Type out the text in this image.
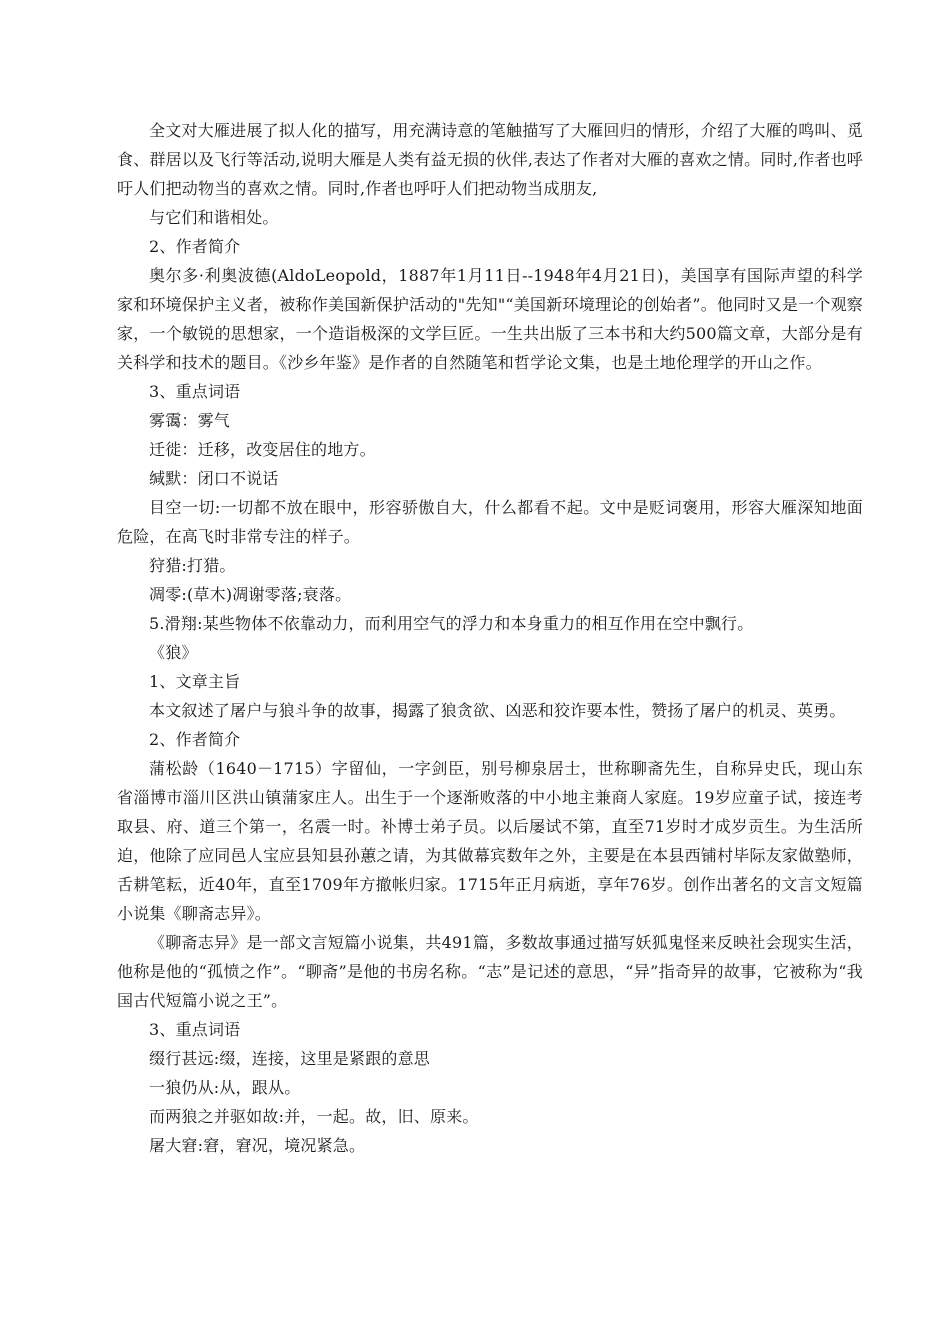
全文对大雁进展了拟人化的描写，用充满诗意的笔触描写了大雁回归的情形，介绍了大雁的鸣叫、觅食、群居以及飞行等活动,说明大雁是人类有益无损的伙伴,表达了作者对大雁的喜欢之情。同时,作者也呼吁人们把动物当的喜欢之情。同时,作者也呼吁人们把动物当成朋友,

与它们和谐相处。

2、作者简介

奥尔多·利奥波德(AldoLeopold，1887年1月11日--1948年4月21日)，美国享有国际声望的科学家和环境保护主义者，被称作美国新保护活动的"先知"“美国新环境理论的创始者”。他同时又是一个观察家，一个敏锐的思想家，一个造诣极深的文学巨匠。一生共出版了三本书和大约500篇文章，大部分是有关科学和技术的题目。《沙乡年鉴》是作者的自然随笔和哲学论文集，也是土地伦理学的开山之作。

3、重点词语

雾霭：雾气

迁徙：迁移，改变居住的地方。

缄默：闭口不说话

目空一切:一切都不放在眼中，形容骄傲自大，什么都看不起。文中是贬词褒用，形容大雁深知地面危险，在高飞时非常专注的样子。

狩猎:打猎。

凋零:(草木)凋谢零落;衰落。

5.滑翔:某些物体不依靠动力，而利用空气的浮力和本身重力的相互作用在空中飘行。

《狼》

1、文章主旨

本文叙述了屠户与狼斗争的故事，揭露了狼贪欲、凶恶和狡诈要本性，赞扬了屠户的机灵、英勇。

2、作者简介

蒲松龄（1640－1715）字留仙，一字剑臣，别号柳泉居士，世称聊斋先生，自称异史氏，现山东省淄博市淄川区洪山镇蒲家庄人。出生于一个逐渐败落的中小地主兼商人家庭。19岁应童子试，接连考取县、府、道三个第一，名震一时。补博士弟子员。以后屡试不第，直至71岁时才成岁贡生。为生活所迫，他除了应同邑人宝应县知县孙蕙之请，为其做幕宾数年之外，主要是在本县西铺村毕际友家做塾师，舌耕笔耘，近40年，直至1709年方撤帐归家。1715年正月病逝，享年76岁。创作出著名的文言文短篇小说集《聊斋志异》。

《聊斋志异》是一部文言短篇小说集，共491篇，多数故事通过描写妖狐鬼怪来反映社会现实生活，他称是他的“孤愤之作”。“聊斋”是他的书房名称。“志”是记述的意思，“异”指奇异的故事，它被称为“我国古代短篇小说之王”。

3、重点词语

缀行甚远:缀，连接，这里是紧跟的意思

一狼仍从:从，跟从。

而两狼之并驱如故:并，一起。故，旧、原来。

屠大窘:窘，窘况，境况紧急。
